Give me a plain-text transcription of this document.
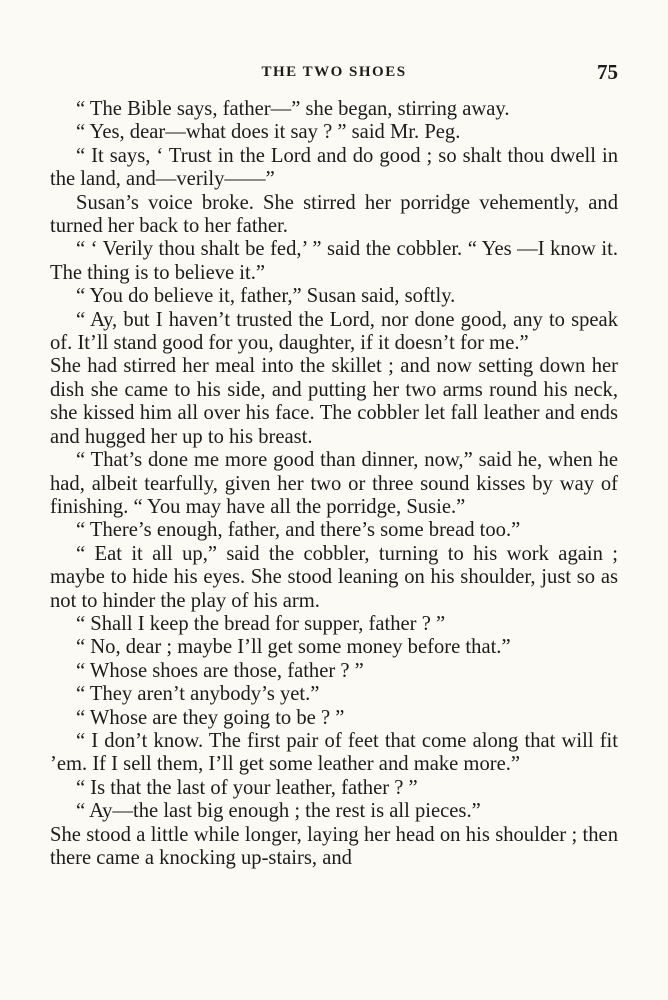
THE TWO SHOES	75

“ The Bible says, father—” she began, stirring away.

“ Yes, dear—what does it say ? ” said Mr. Peg.

“ It says, ‘ Trust in the Lord and do good ; so shalt thou dwell in the land, and—verily——”

Susan’s voice broke. She stirred her porridge vehemently, and turned her back to her father.

“ ‘ Verily thou shalt be fed,’ ” said the cobbler. “ Yes —I know it. The thing is to believe it.”

“ You do believe it, father,” Susan said, softly.

“ Ay, but I haven’t trusted the Lord, nor done good, any to speak of. It’ll stand good for you, daughter, if it doesn’t for me.”

She had stirred her meal into the skillet ; and now setting down her dish she came to his side, and putting her two arms round his neck, she kissed him all over his face. The cobbler let fall leather and ends and hugged her up to his breast.

“ That’s done me more good than dinner, now,” said he, when he had, albeit tearfully, given her two or three sound kisses by way of finishing. “ You may have all the porridge, Susie.”

“ There’s enough, father, and there’s some bread too.”

“ Eat it all up,” said the cobbler, turning to his work again ; maybe to hide his eyes. She stood leaning on his shoulder, just so as not to hinder the play of his arm.

“ Shall I keep the bread for supper, father ? ”

“ No, dear ; maybe I’ll get some money before that.”

“ Whose shoes are those, father ? ”

“ They aren’t anybody’s yet.”

“ Whose are they going to be ? ”

“ I don’t know. The first pair of feet that come along that will fit ’em. If I sell them, I’ll get some leather and make more.”

“ Is that the last of your leather, father ? ”

“ Ay—the last big enough ; the rest is all pieces.”

She stood a little while longer, laying her head on his shoulder ; then there came a knocking up-stairs, and
